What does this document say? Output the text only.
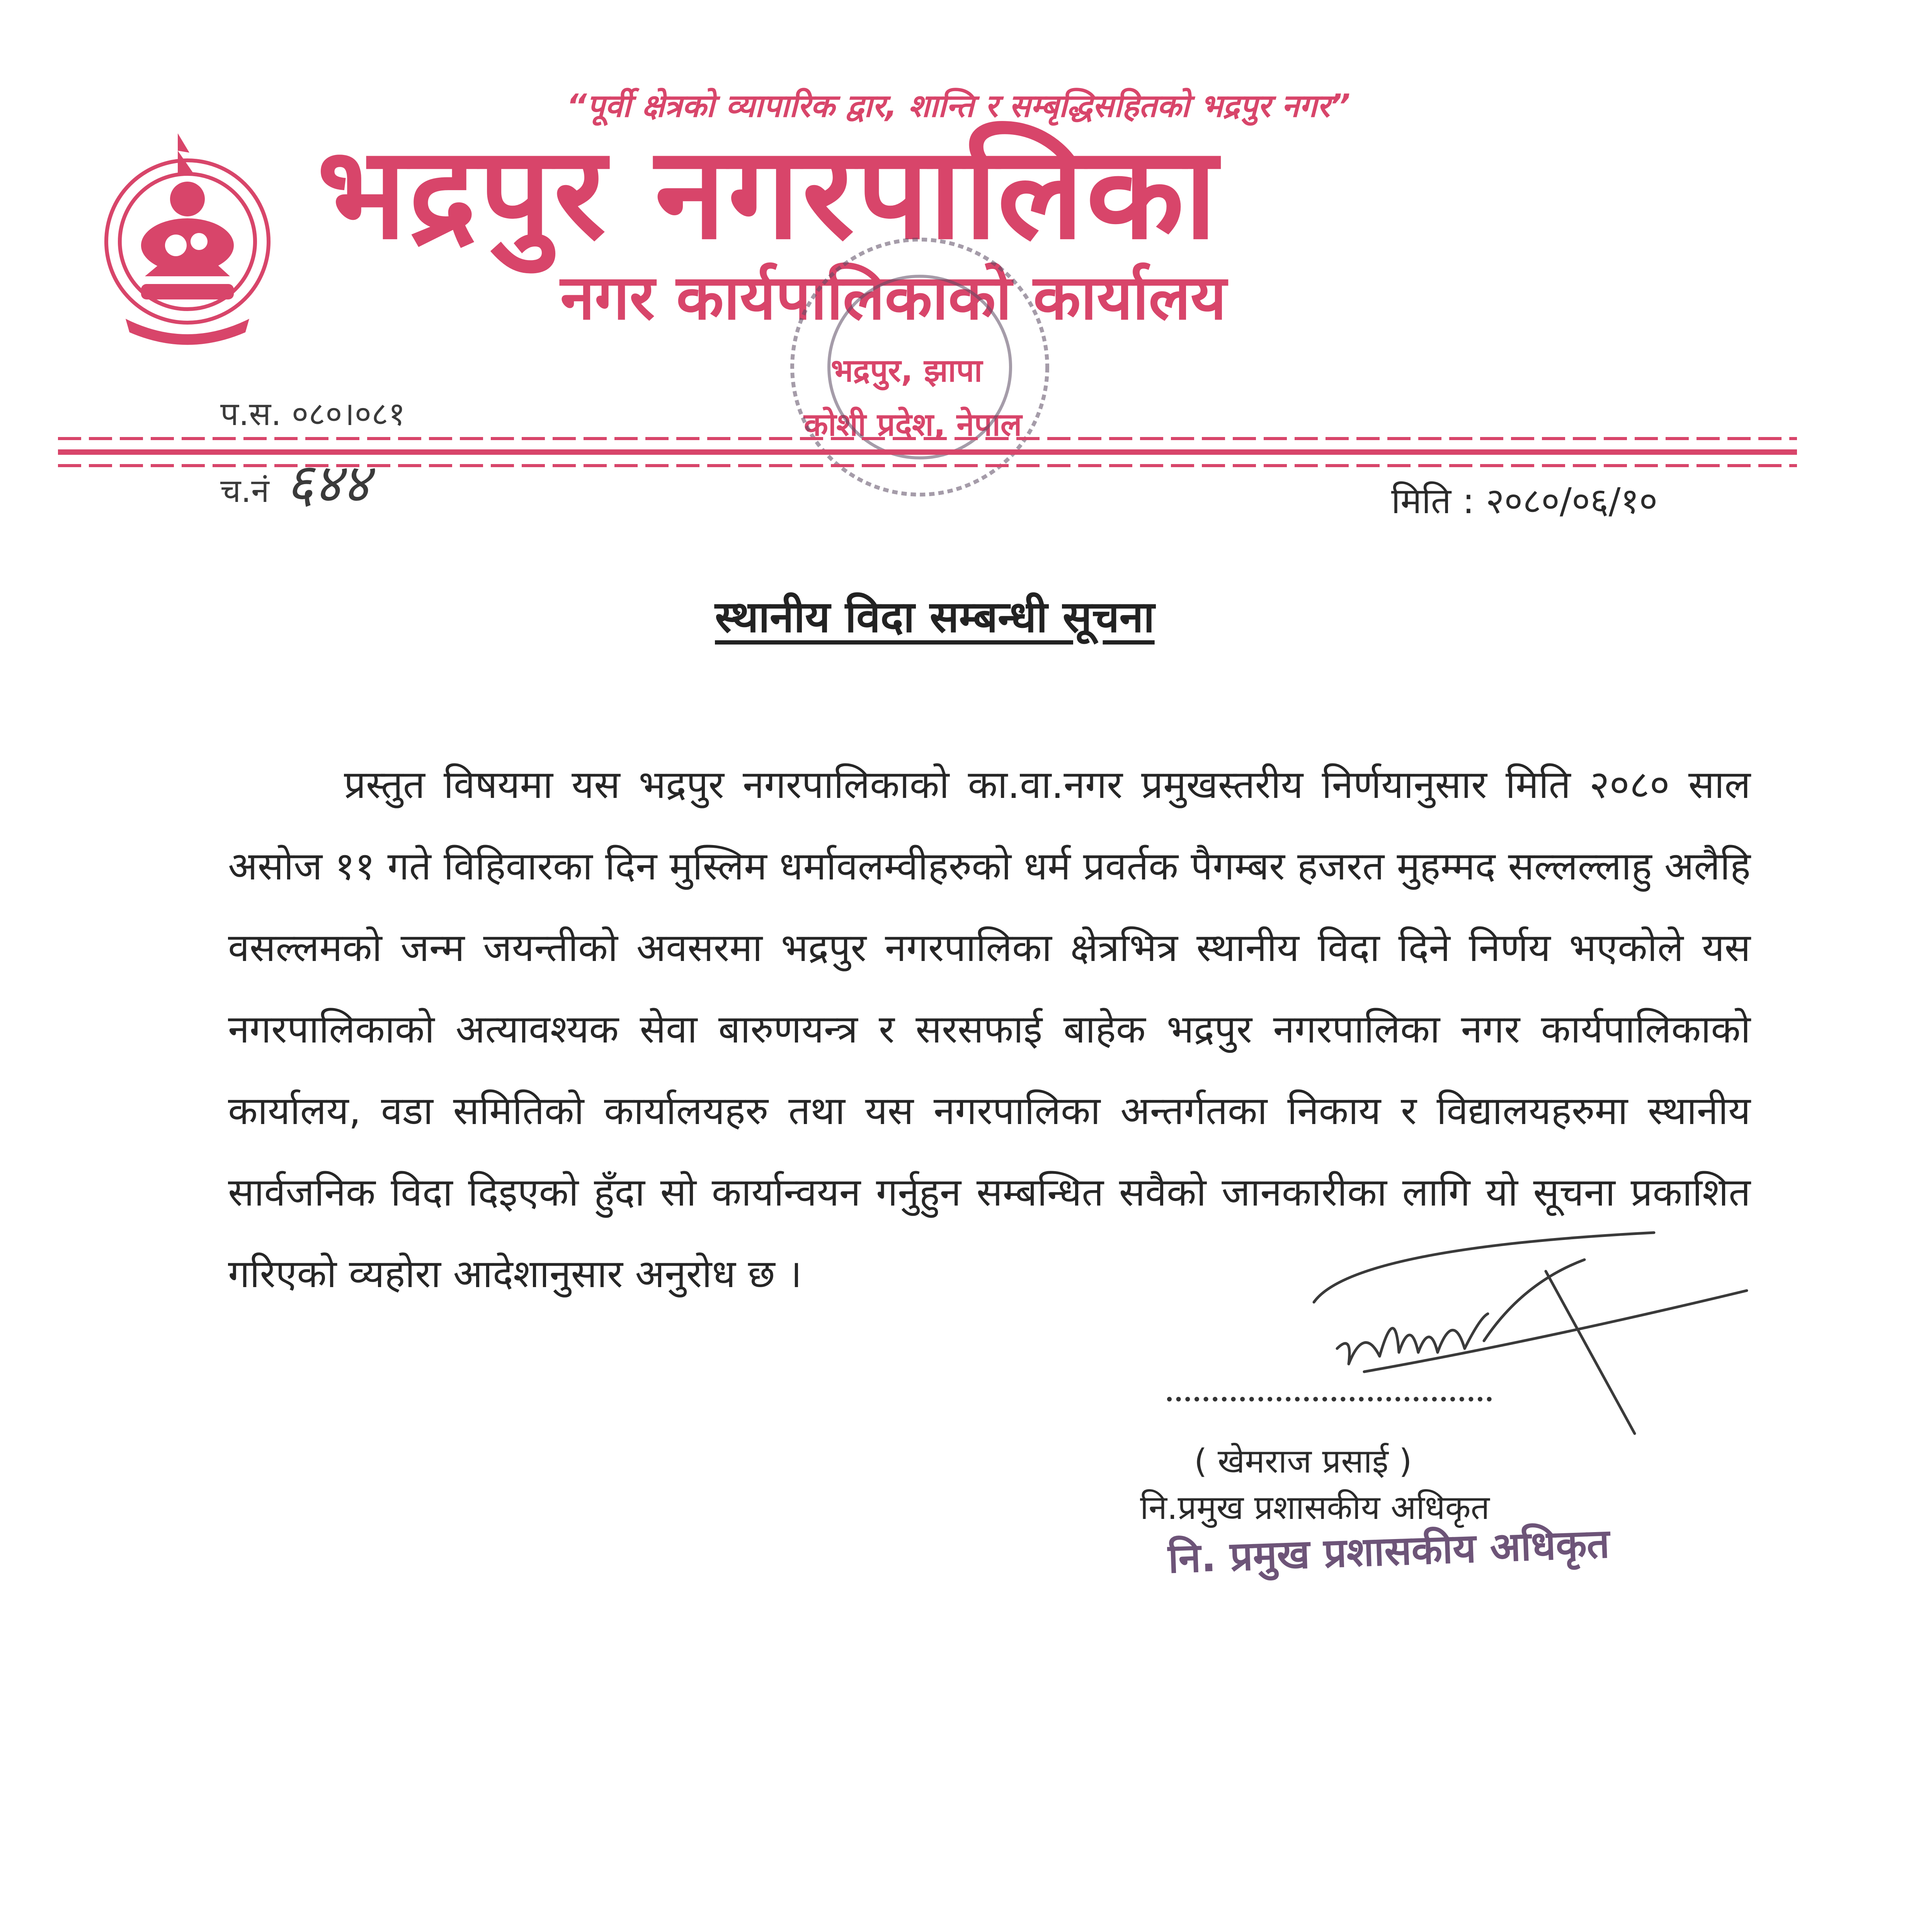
“पूर्वी क्षेत्रको व्यापारिक द्वार, शान्ति र सम्बृद्धिसहितको भद्रपुर नगर”
भद्रपुर नगरपालिका
नगर कार्यपालिकाको कार्यालय
भद्रपुर, झापा
कोशी प्रदेश, नेपाल
प.स. ०८०।०८१
च.नं ६४४	मिति : २०८०/०६/१०
स्थानीय विदा सम्बन्धी सूचना
प्रस्तुत विषयमा यस भद्रपुर नगरपालिकाको का.वा.नगर प्रमुखस्तरीय निर्णयानुसार मिति २०८० साल असोज ११ गते विहिवारका दिन मुस्लिम धर्मावलम्वीहरुको धर्म प्रवर्तक पैगम्बर हजरत मुहम्मद सल्लल्लाहु अलैहि वसल्लमको जन्म जयन्तीको अवसरमा भद्रपुर नगरपालिका क्षेत्रभित्र स्थानीय विदा दिने निर्णय भएकोले यस नगरपालिकाको अत्यावश्यक सेवा बारुणयन्त्र र सरसफाई बाहेक भद्रपुर नगरपालिका नगर कार्यपालिकाको कार्यालय, वडा समितिको कार्यालयहरु तथा यस नगरपालिका अन्तर्गतका निकाय र विद्यालयहरुमा स्थानीय सार्वजनिक विदा दिइएको हुँदा सो कार्यान्वयन गर्नुहुन सम्बन्धित सवैको जानकारीका लागि यो सूचना प्रकाशित गरिएको व्यहोरा आदेशानुसार अनुरोध छ ।
( खेमराज प्रसाई )
नि.प्रमुख प्रशासकीय अधिकृत
नि. प्रमुख प्रशासकीय अधिकृत
